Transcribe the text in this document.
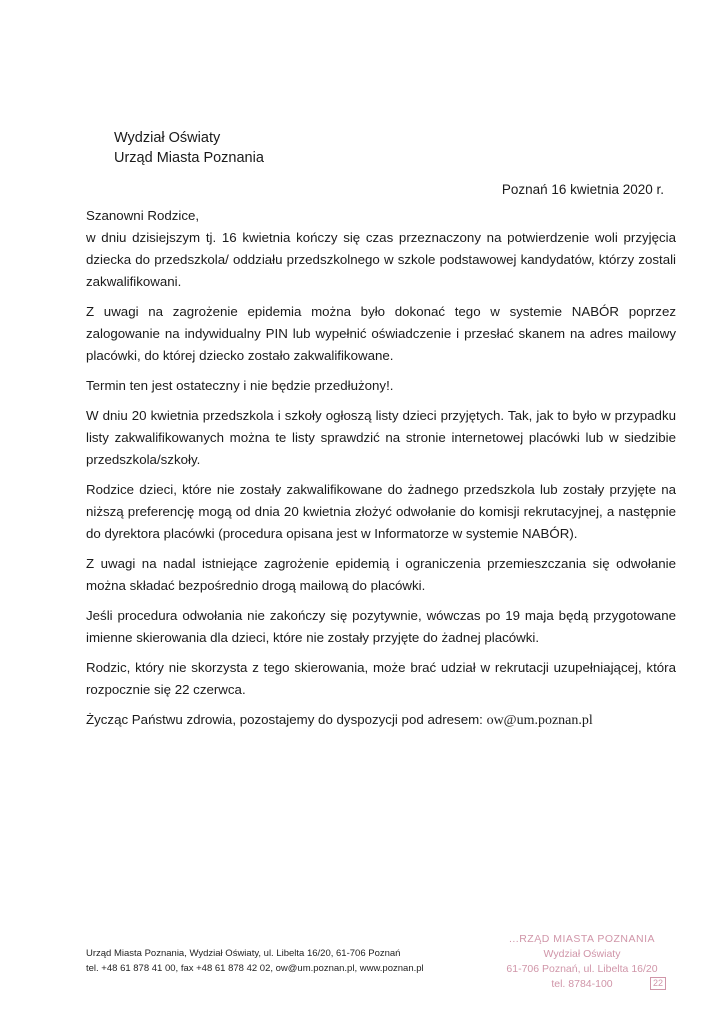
Wydział Oświaty
Urząd Miasta Poznania
Poznań 16 kwietnia 2020 r.

Szanowni Rodzice,

w dniu dzisiejszym tj. 16 kwietnia kończy się czas przeznaczony na potwierdzenie woli przyjęcia dziecka do przedszkola/ oddziału przedszkolnego w szkole podstawowej kandydatów, którzy zostali zakwalifikowani.

Z uwagi na zagrożenie epidemia można było dokonać tego w systemie NABÓR poprzez zalogowanie na indywidualny PIN lub wypełnić oświadczenie i przesłać skanem na adres mailowy placówki, do której dziecko zostało zakwalifikowane.

Termin ten jest ostateczny i nie będzie przedłużony!.

W dniu 20 kwietnia przedszkola i szkoły ogłoszą listy dzieci przyjętych. Tak, jak to było w przypadku listy zakwalifikowanych można te listy sprawdzić na stronie internetowej placówki lub w siedzibie przedszkola/szkoły.

Rodzice dzieci, które nie zostały zakwalifikowane do żadnego przedszkola lub zostały przyjęte na niższą preferencję mogą od dnia 20 kwietnia złożyć odwołanie do komisji rekrutacyjnej, a następnie do dyrektora placówki (procedura opisana jest w Informatorze w systemie NABÓR).

Z uwagi na nadal istniejące zagrożenie epidemią i ograniczenia przemieszczania się odwołanie można składać bezpośrednio drogą mailową do placówki.

Jeśli procedura odwołania nie zakończy się pozytywnie, wówczas po 19 maja będą przygotowane imienne skierowania dla dzieci, które nie zostały przyjęte do żadnej placówki.

Rodzic, który nie skorzysta z tego skierowania, może brać udział w rekrutacji uzupełniającej, która rozpocznie się 22 czerwca.

Życząc Państwu zdrowia, pozostajemy do dyspozycji pod adresem: ow@um.poznan.pl

Urząd Miasta Poznania, Wydział Oświaty, ul. Libelta 16/20, 61-706 Poznań
tel. +48 61 878 41 00, fax +48 61 878 42 02, ow@um.poznan.pl, www.poznan.pl
...RZĄD MIASTA POZNANIA
Wydział Oświaty
61-706 Poznań, ul. Libelta 16/20
tel. 8784-100	22
